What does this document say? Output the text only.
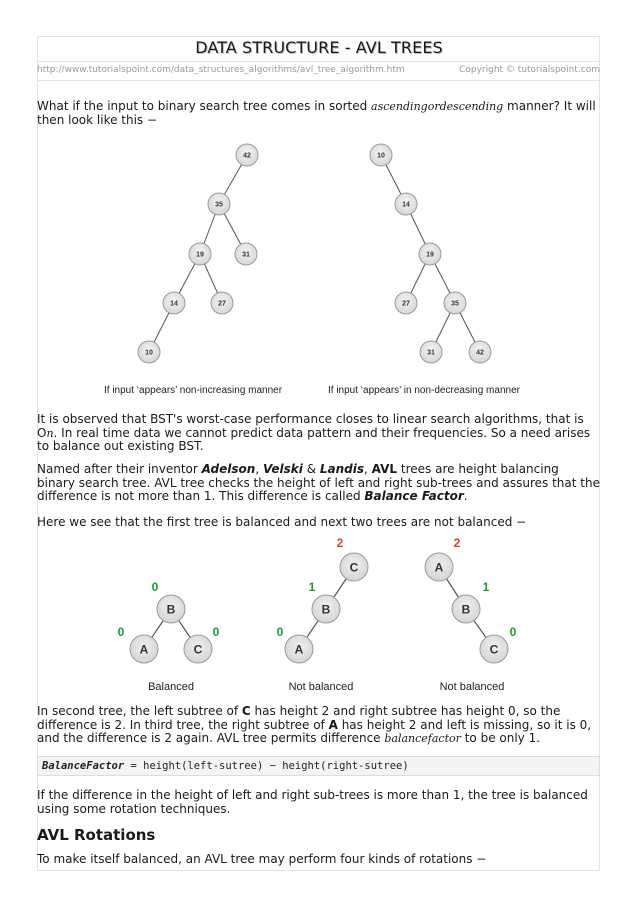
DATA STRUCTURE - AVL TREES
http://www.tutorialspoint.com/data_structures_algorithms/avl_tree_algorithm.htm	Copyright © tutorialspoint.com
What if the input to binary search tree comes in sorted ascendingordescending manner? It will then look like this −
42
35
19	31
14	27
10
10
14
19
27	35
31	42
If input ‘appears’ non-increasing manner	If input ‘appears’ in non-decreasing manner
It is observed that BST's worst-case performance closes to linear search algorithms, that is On. In real time data we cannot predict data pattern and their frequencies. So a need arises to balance out existing BST.
Named after their inventor Adelson, Velski & Landis, AVL trees are height balancing binary search tree. AVL tree checks the height of left and right sub-trees and assures that the difference is not more than 1. This difference is called Balance Factor.
Here we see that the first tree is balanced and next two trees are not balanced −
B
A	C
C
B
A
A
B
C
0
0	0
2
1
0
2
1
0
Balanced	Not balanced	Not balanced
In second tree, the left subtree of C has height 2 and right subtree has height 0, so the difference is 2. In third tree, the right subtree of A has height 2 and left is missing, so it is 0, and the difference is 2 again. AVL tree permits difference balancefactor to be only 1.
BalanceFactor = height(left-sutree) − height(right-sutree)
If the difference in the height of left and right sub-trees is more than 1, the tree is balanced using some rotation techniques.
AVL Rotations
To make itself balanced, an AVL tree may perform four kinds of rotations −
